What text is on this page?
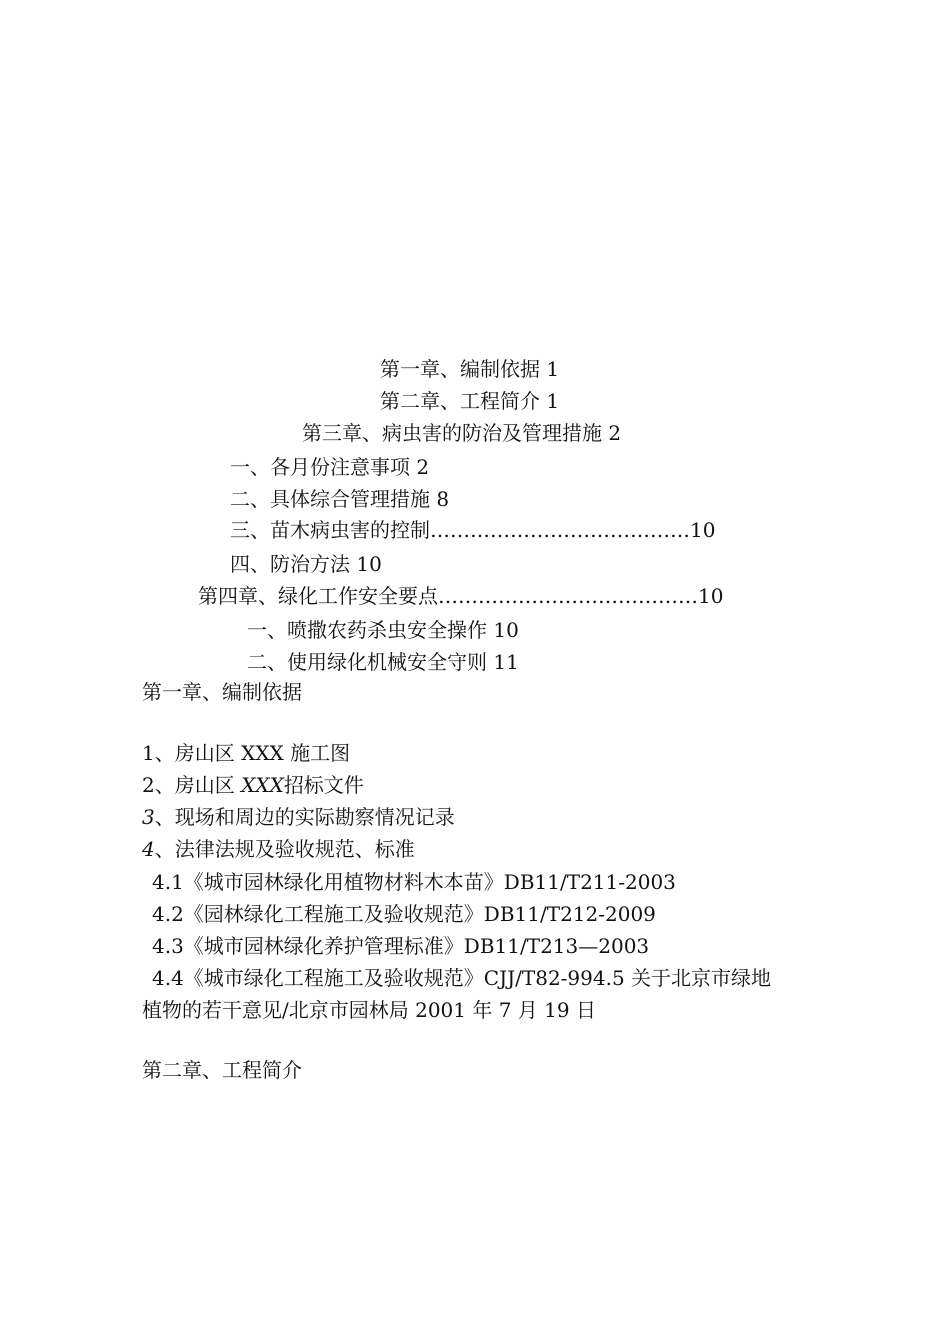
第一章、编制依据 1
第二章、工程简介 1
第三章、病虫害的防治及管理措施 2
一、各月份注意事项 2
二、具体综合管理措施 8
三、苗木病虫害的控制…………………………………10
四、防治方法 10
第四章、绿化工作安全要点…………………………………10
一、喷撒农药杀虫安全操作 10
二、使用绿化机械安全守则 11
第一章、编制依据
1、房山区 XXX 施工图
2、房山区 XXX招标文件
3、现场和周边的实际勘察情况记录
4、法律法规及验收规范、标准
4.1《城市园林绿化用植物材料木本苗》DB11/T211-2003
4.2《园林绿化工程施工及验收规范》DB11/T212-2009
4.3《城市园林绿化养护管理标准》DB11/T213—2003
4.4《城市绿化工程施工及验收规范》CJJ/T82-994.5 关于北京市绿地
植物的若干意见/北京市园林局 2001 年 7 月 19 日
第二章、工程简介
